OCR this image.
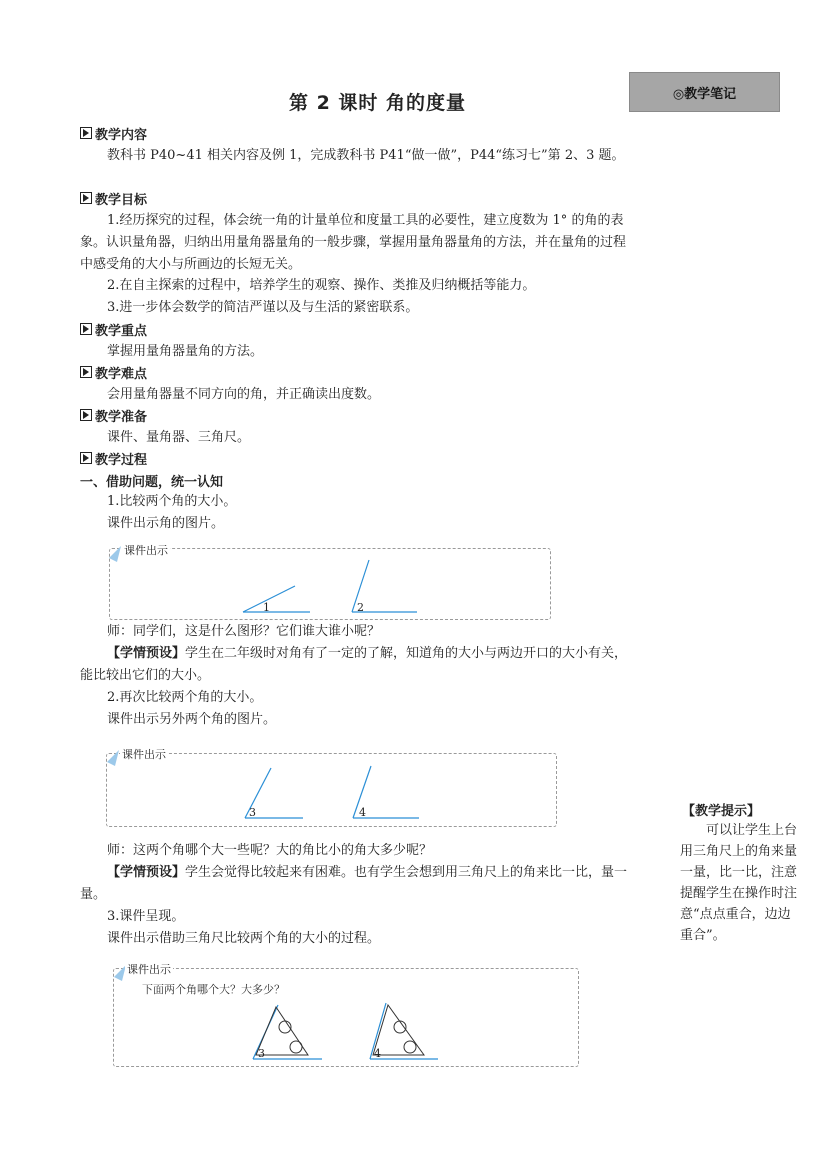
第 2 课时 角的度量	◎教学笔记
教学内容
教科书 P40~41 相关内容及例 1，完成教科书 P41“做一做”，P44“练习七”第 2、3 题。
教学目标
1.经历探究的过程，体会统一角的计量单位和度量工具的必要性，建立度数为 1° 的角的表象。认识量角器，归纳出用量角器量角的一般步骤，掌握用量角器量角的方法，并在量角的过程中感受角的大小与所画边的长短无关。
2.在自主探索的过程中，培养学生的观察、操作、类推及归纳概括等能力。
3.进一步体会数学的简洁严谨以及与生活的紧密联系。
教学重点
掌握用量角器量角的方法。
教学难点
会用量角器量不同方向的角，并正确读出度数。
教学准备
课件、量角器、三角尺。
教学过程
一、借助问题，统一认知
1.比较两个角的大小。
课件出示角的图片。
1	2
课件出示
师：同学们，这是什么图形？它们谁大谁小呢？
【学情预设】学生在二年级时对角有了一定的了解，知道角的大小与两边开口的大小有关，能比较出它们的大小。
2.再次比较两个角的大小。
课件出示另外两个角的图片。
3	4
课件出示
师：这两个角哪个大一些呢？大的角比小的角大多少呢？
【学情预设】学生会觉得比较起来有困难。也有学生会想到用三角尺上的角来比一比，量一量。
3.课件呈现。
课件出示借助三角尺比较两个角的大小的过程。
下面两个角哪个大？大多少？
3	4
课件出示
【教学提示】
可以让学生上台用三角尺上的角来量一量，比一比，注意提醒学生在操作时注意“点点重合，边边重合”。
